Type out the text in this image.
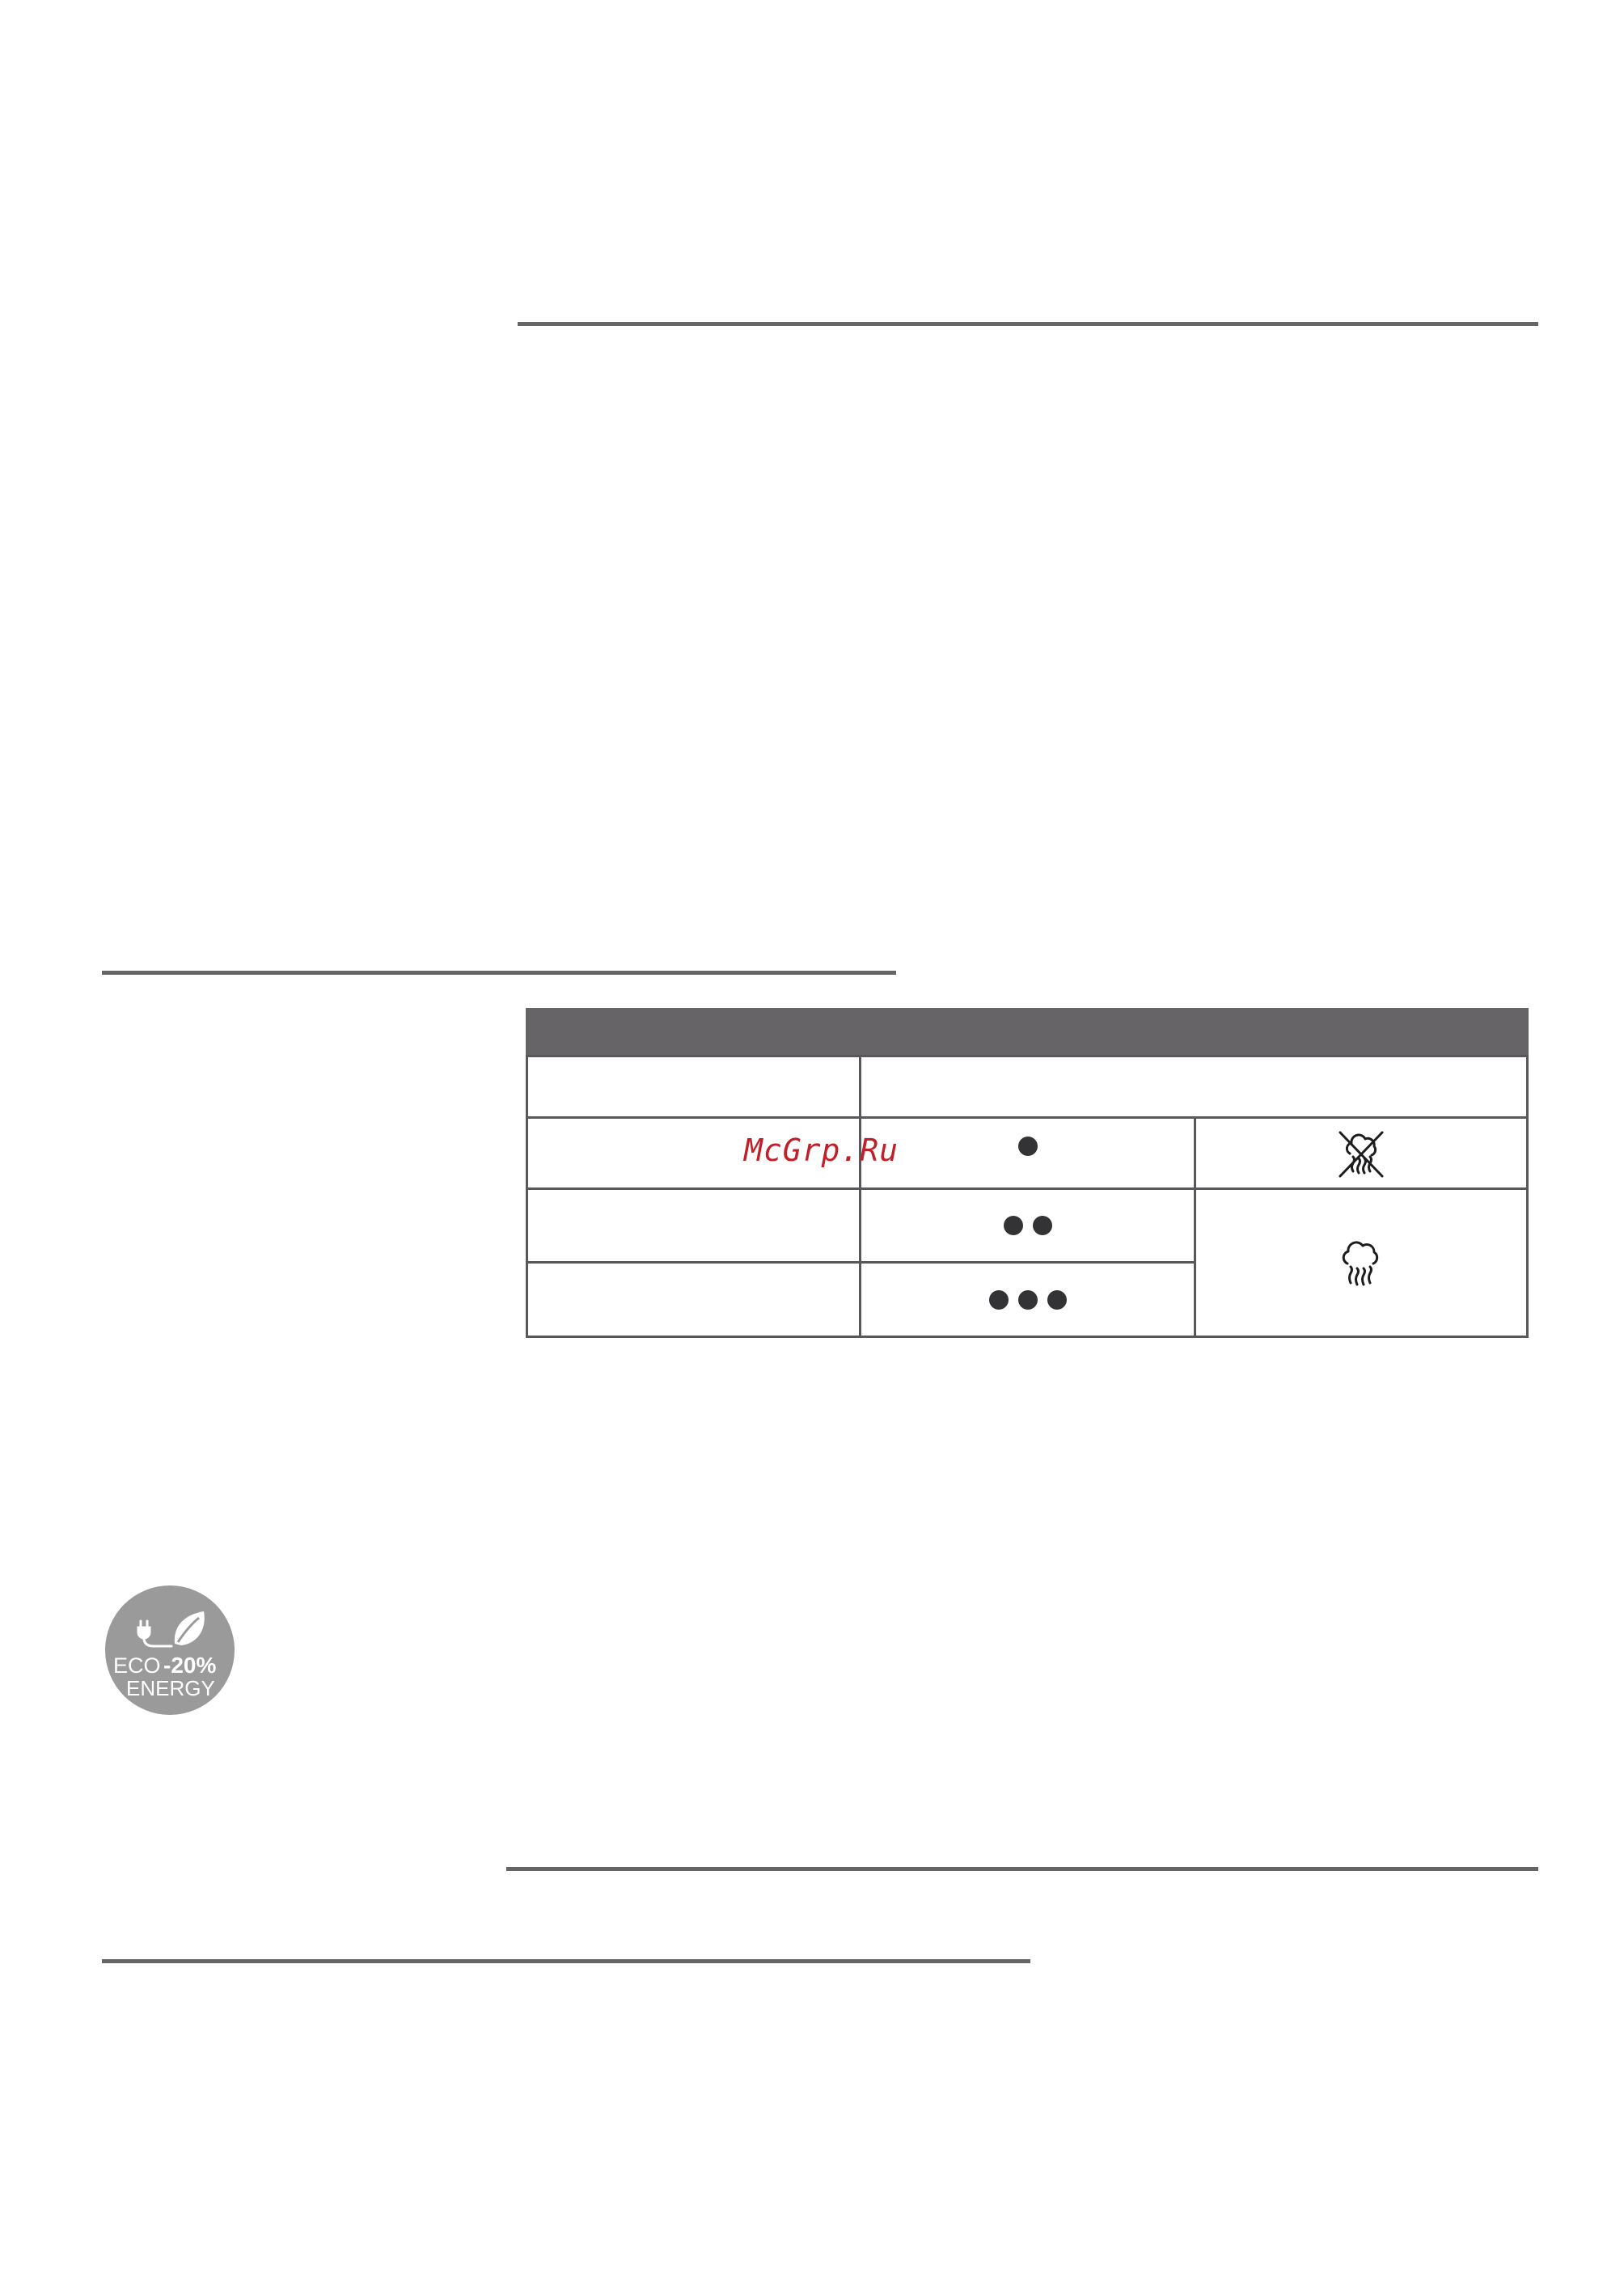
McGrp.Ru
ECO -20%
ENERGY
